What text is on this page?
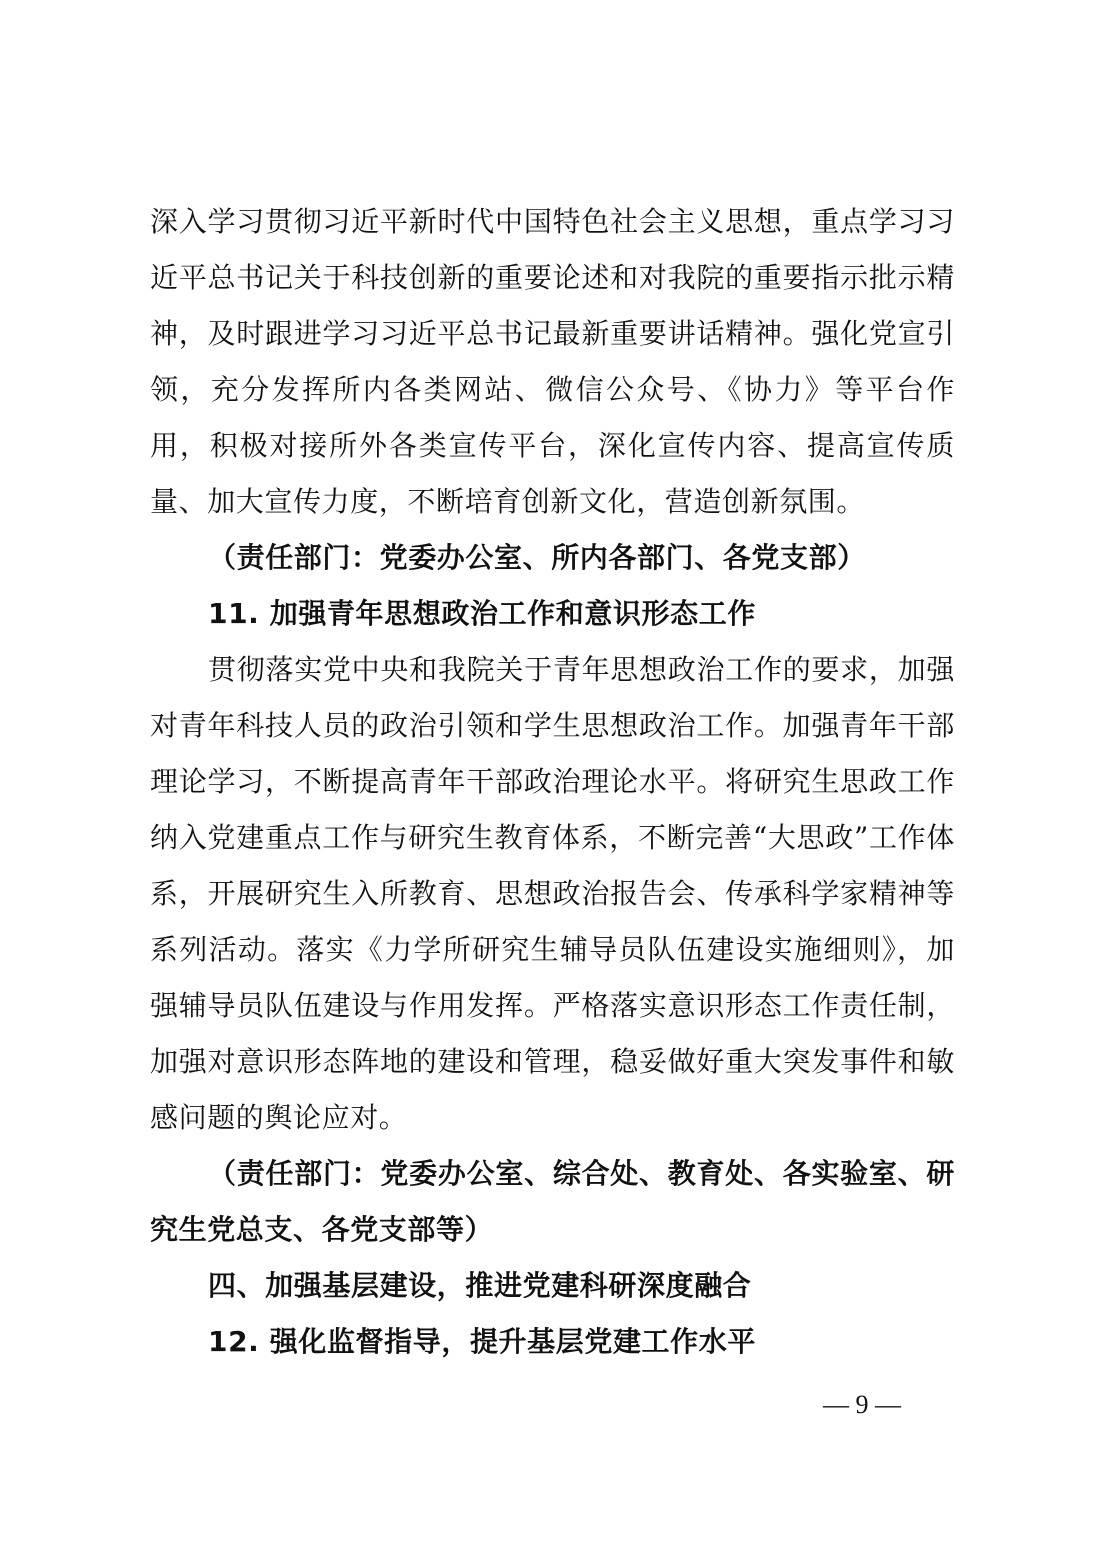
深入学习贯彻习近平新时代中国特色社会主义思想，重点学习习近平总书记关于科技创新的重要论述和对我院的重要指示批示精神，及时跟进学习习近平总书记最新重要讲话精神。强化党宣引领，充分发挥所内各类网站、微信公众号、《协力》等平台作用，积极对接所外各类宣传平台，深化宣传内容、提高宣传质量、加大宣传力度，不断培育创新文化，营造创新氛围。

（责任部门：党委办公室、所内各部门、各党支部）

11. 加强青年思想政治工作和意识形态工作

贯彻落实党中央和我院关于青年思想政治工作的要求，加强对青年科技人员的政治引领和学生思想政治工作。加强青年干部理论学习，不断提高青年干部政治理论水平。将研究生思政工作纳入党建重点工作与研究生教育体系，不断完善“大思政”工作体系，开展研究生入所教育、思想政治报告会、传承科学家精神等系列活动。落实《力学所研究生辅导员队伍建设实施细则》，加强辅导员队伍建设与作用发挥。严格落实意识形态工作责任制，加强对意识形态阵地的建设和管理，稳妥做好重大突发事件和敏感问题的舆论应对。

（责任部门：党委办公室、综合处、教育处、各实验室、研究生党总支、各党支部等）

四、加强基层建设，推进党建科研深度融合

12. 强化监督指导，提升基层党建工作水平

— 9 —
